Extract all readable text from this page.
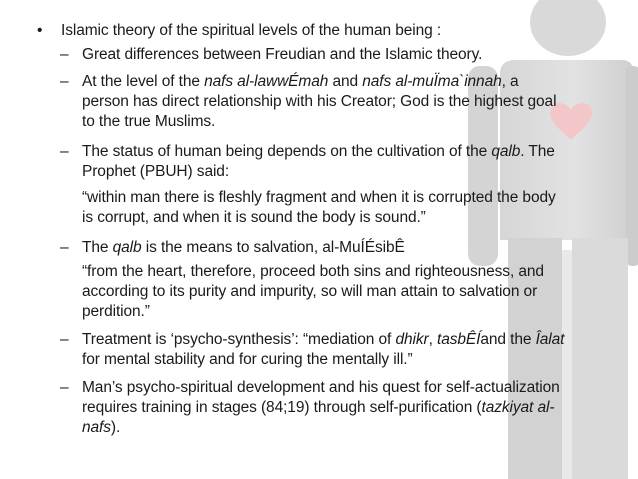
• Islamic theory of the spiritual levels of the human being :
– Great differences between Freudian and the Islamic theory.
– At the level of the nafs al-lawwÉmah and nafs al-muÏma`innah, a
person has direct relationship with his Creator; God is the highest goal
to the true Muslims.
– The status of human being depends on the cultivation of the qalb. The
Prophet (PBUH) said:
“within man there is fleshly fragment and when it is corrupted the body
is corrupt, and when it is sound the body is sound.”
– The qalb is the means to salvation, al-MuÍÉsibÊ
“from the heart, therefore, proceed both sins and righteousness, and
according to its purity and impurity, so will man attain to salvation or
perdition.”
– Treatment is ‘psycho-synthesis’: “mediation of dhikr, tasbÊÍand the Îalat
for mental stability and for curing the mentally ill.”
– Man’s psycho-spiritual development and his quest for self-actualization
requires training in stages (84;19) through self-purification (tazkiyat al-
nafs).
